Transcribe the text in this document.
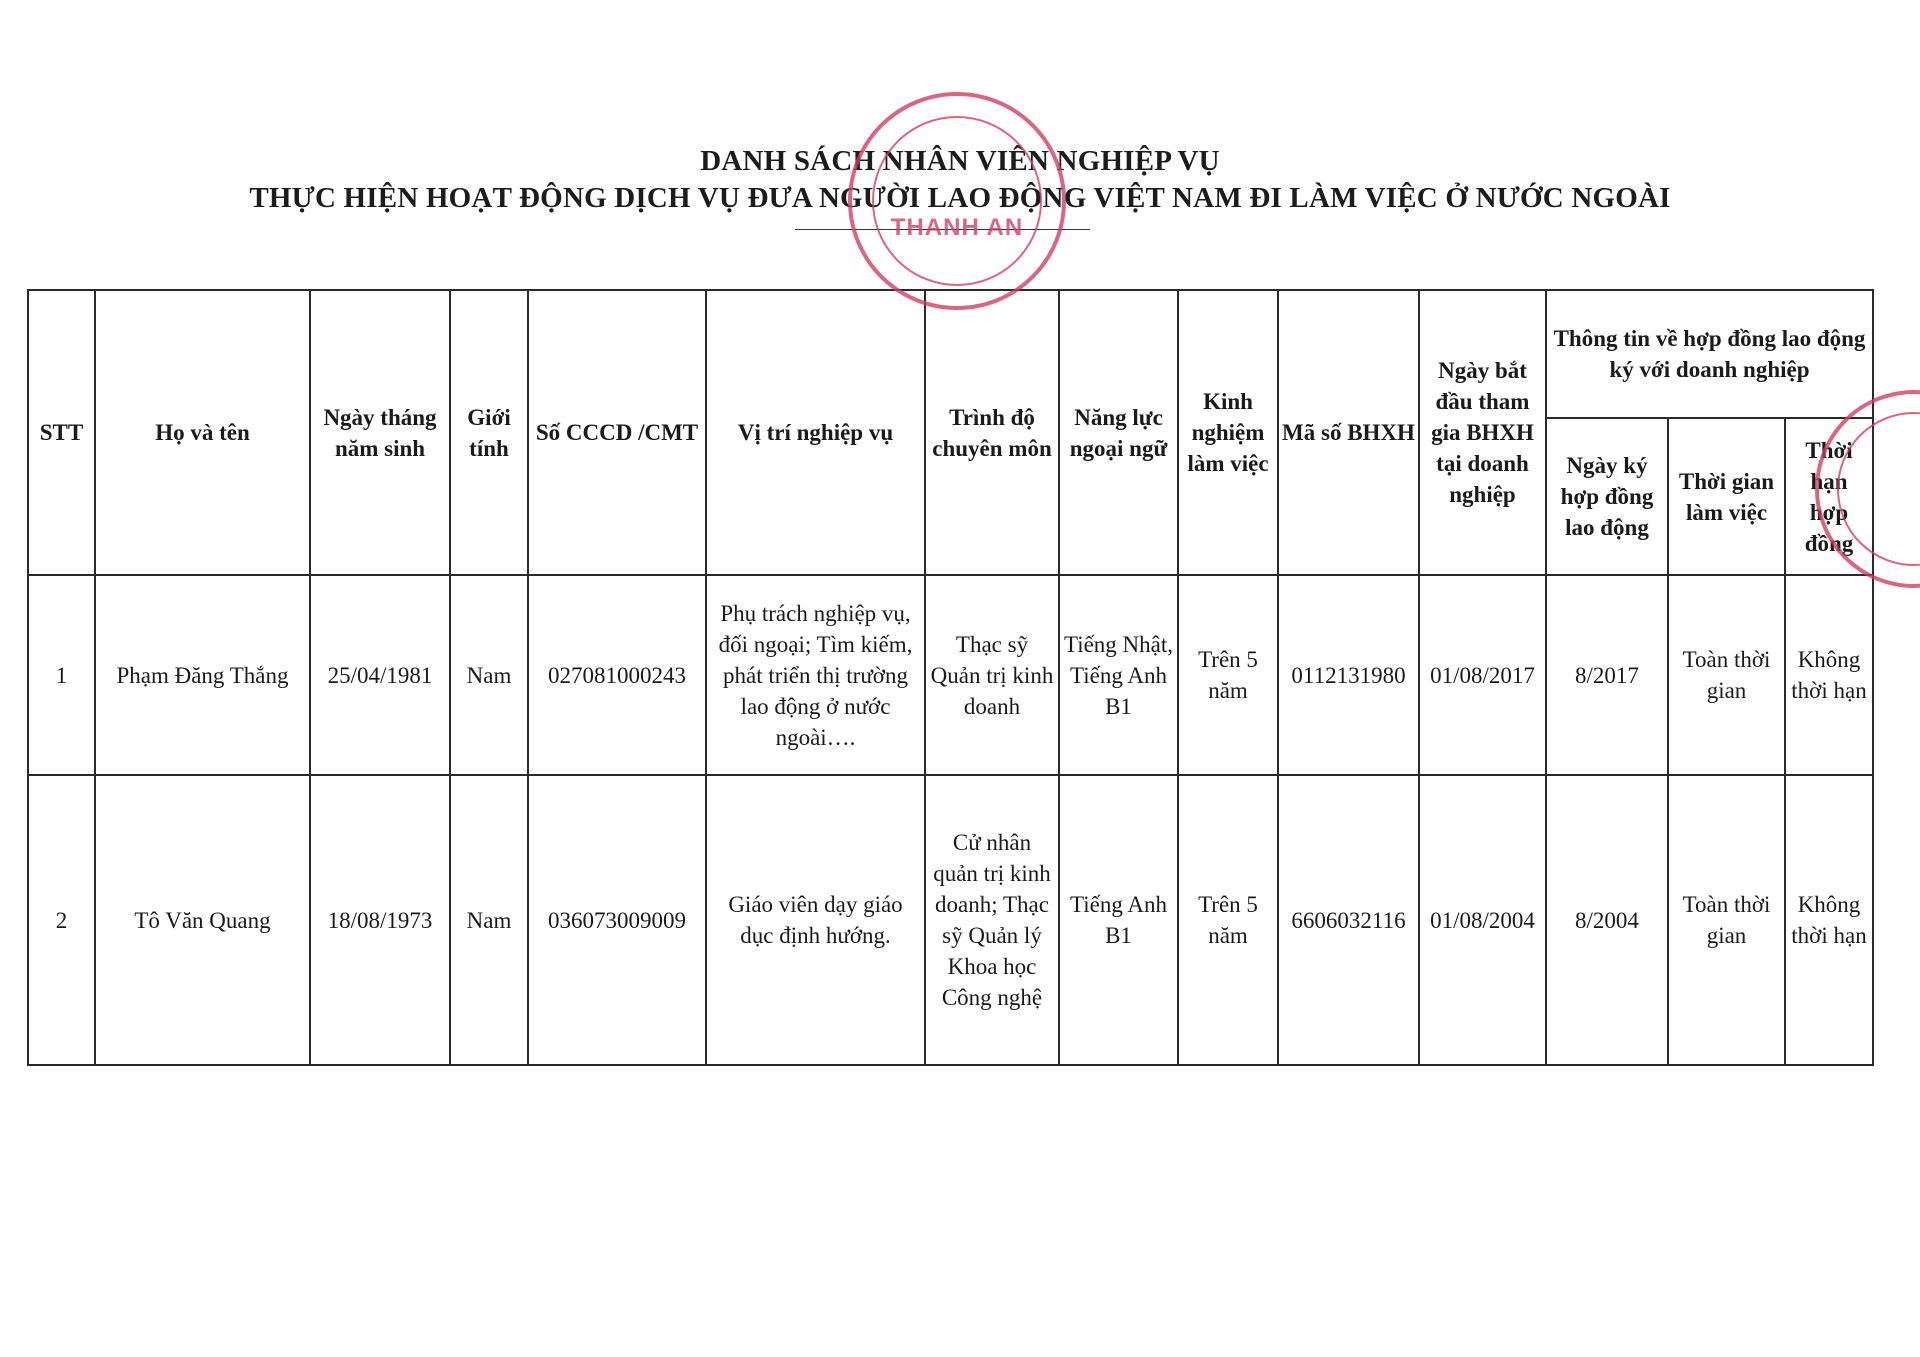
DANH SÁCH NHÂN VIÊN NGHIỆP VỤ
THỰC HIỆN HOẠT ĐỘNG DỊCH VỤ ĐƯA NGƯỜI LAO ĐỘNG VIỆT NAM ĐI LÀM VIỆC Ở NƯỚC NGOÀI
STT	Họ và tên	Ngày tháng năm sinh	Giới tính	Số CCCD /CMT	Vị trí nghiệp vụ	Trình độ chuyên môn	Năng lực ngoại ngữ	Kinh nghiệm làm việc	Mã số BHXH	Ngày bắt đầu tham gia BHXH tại doanh nghiệp	Thông tin về hợp đồng lao động ký với doanh nghiệp		
											Ngày ký hợp đồng lao động	Thời gian làm việc	Thời hạn hợp đồng
1	Phạm Đăng Thắng	25/04/1981	Nam	027081000243	Phụ trách nghiệp vụ, đối ngoại; Tìm kiếm, phát triển thị trường lao động ở nước ngoài….	Thạc sỹ Quản trị kinh doanh	Tiếng Nhật, Tiếng Anh B1	Trên 5 năm	0112131980	01/08/2017	8/2017	Toàn thời gian	Không thời hạn
2	Tô Văn Quang	18/08/1973	Nam	036073009009	Giáo viên dạy giáo dục định hướng.	Cử nhân quản trị kinh doanh; Thạc sỹ Quản lý Khoa học Công nghệ	Tiếng Anh B1	Trên 5 năm	6606032116	01/08/2004	8/2004	Toàn thời gian	Không thời hạn
THANH AN
